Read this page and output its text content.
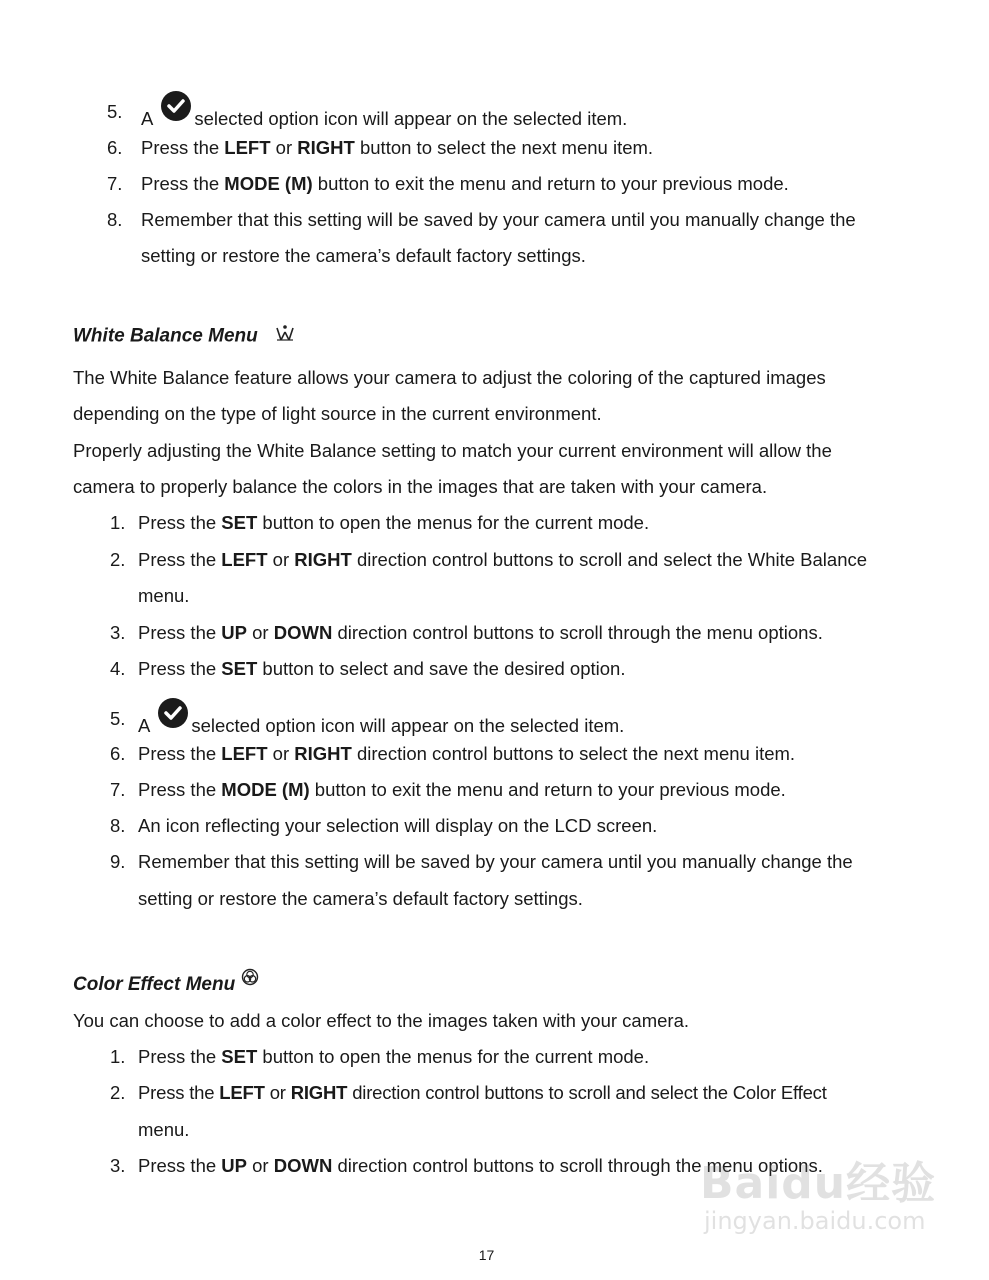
5. A selected option icon will appear on the selected item.
6. Press the LEFT or RIGHT button to select the next menu item.
7. Press the MODE (M) button to exit the menu and return to your previous mode.
8. Remember that this setting will be saved by your camera until you manually change the
setting or restore the camera’s default factory settings.
White Balance Menu
The White Balance feature allows your camera to adjust the coloring of the captured images
depending on the type of light source in the current environment.
Properly adjusting the White Balance setting to match your current environment will allow the
camera to properly balance the colors in the images that are taken with your camera.
1. Press the SET button to open the menus for the current mode.
2. Press the LEFT or RIGHT direction control buttons to scroll and select the White Balance
menu.
3. Press the UP or DOWN direction control buttons to scroll through the menu options.
4. Press the SET button to select and save the desired option.
5. A selected option icon will appear on the selected item.
6. Press the LEFT or RIGHT direction control buttons to select the next menu item.
7. Press the MODE (M) button to exit the menu and return to your previous mode.
8. An icon reflecting your selection will display on the LCD screen.
9. Remember that this setting will be saved by your camera until you manually change the
setting or restore the camera’s default factory settings.
Color Effect Menu
You can choose to add a color effect to the images taken with your camera.
1. Press the SET button to open the menus for the current mode.
2. Press the LEFT or RIGHT direction control buttons to scroll and select the Color Effect
menu.
3. Press the UP or DOWN direction control buttons to scroll through the menu options.
Baidu经验
jingyan.baidu.com
17
